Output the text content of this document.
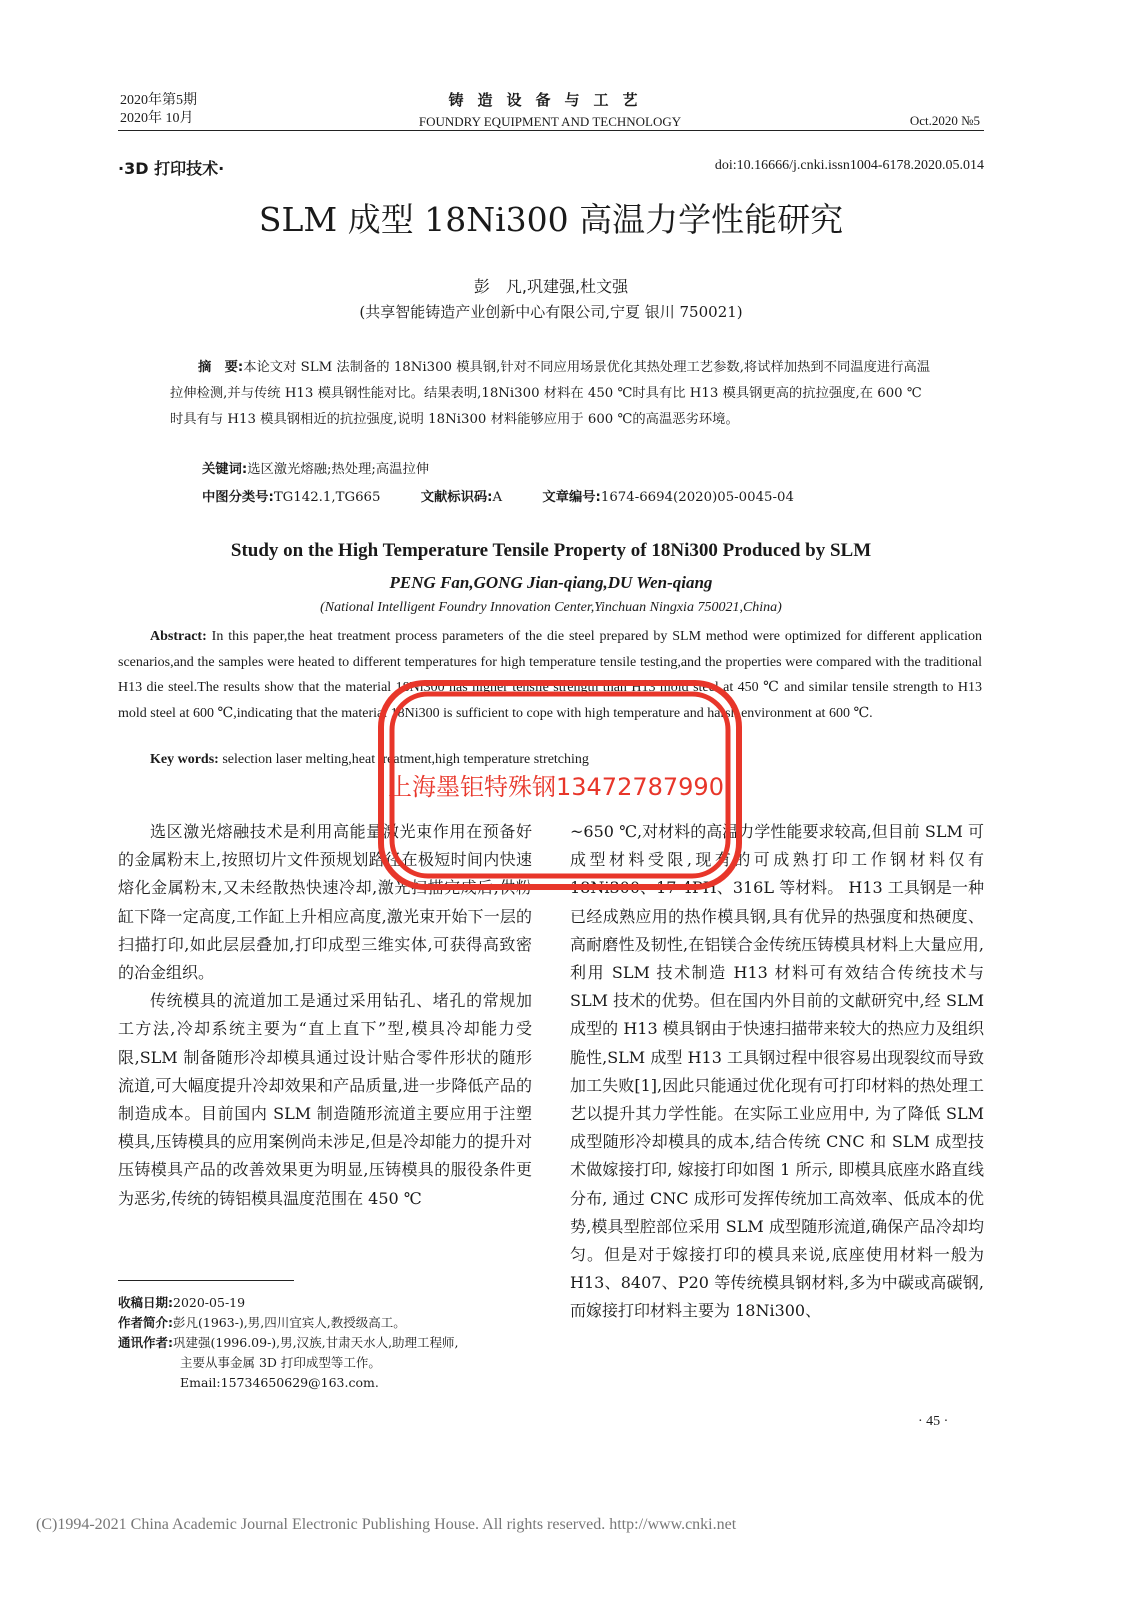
2020年第5期
2020年 10月
铸造设备与工艺
FOUNDRY EQUIPMENT AND TECHNOLOGY	Oct.2020 №5
·3D 打印技术·	doi:10.16666/j.cnki.issn1004-6178.2020.05.014
SLM 成型 18Ni300 高温力学性能研究
彭　凡,巩建强,杜文强
(共享智能铸造产业创新中心有限公司,宁夏 银川 750021)
摘　要:本论文对 SLM 法制备的 18Ni300 模具钢,针对不同应用场景优化其热处理工艺参数,将试样加热到不同温度进行高温拉伸检测,并与传统 H13 模具钢性能对比。结果表明,18Ni300 材料在 450 ℃时具有比 H13 模具钢更高的抗拉强度,在 600 ℃时具有与 H13 模具钢相近的抗拉强度,说明 18Ni300 材料能够应用于 600 ℃的高温恶劣环境。
关键词:选区激光熔融;热处理;高温拉伸
中图分类号:TG142.1,TG665	文献标识码:A	文章编号:1674-6694(2020)05-0045-04
Study on the High Temperature Tensile Property of 18Ni300 Produced by SLM
PENG Fan,GONG Jian-qiang,DU Wen-qiang
(National Intelligent Foundry Innovation Center,Yinchuan Ningxia 750021,China)
Abstract: In this paper,the heat treatment process parameters of the die steel prepared by SLM method were optimized for different application scenarios,and the samples were heated to different temperatures for high temperature tensile testing,and the properties were compared with the traditional H13 die steel.The results show that the material 18Ni300 has higher tensile strength than H13 mold steel at 450 ℃ and similar tensile strength to H13 mold steel at 600 ℃,indicating that the material 18Ni300 is sufficient to cope with high temperature and harsh environment at 600 ℃.
Key words: selection laser melting,heat treatment,high temperature stretching

选区激光熔融技术是利用高能量激光束作用在预备好的金属粉末上,按照切片文件预规划路径在极短时间内快速熔化金属粉末,又未经散热快速冷却,激光扫描完成后,供粉缸下降一定高度,工作缸上升相应高度,激光束开始下一层的扫描打印,如此层层叠加,打印成型三维实体,可获得高致密的冶金组织。

传统模具的流道加工是通过采用钻孔、堵孔的常规加工方法,冷却系统主要为“直上直下”型,模具冷却能力受限,SLM 制备随形冷却模具通过设计贴合零件形状的随形流道,可大幅度提升冷却效果和产品质量,进一步降低产品的制造成本。目前国内 SLM 制造随形流道主要应用于注塑模具,压铸模具的应用案例尚未涉足,但是冷却能力的提升对压铸模具产品的改善效果更为明显,压铸模具的服役条件更为恶劣,传统的铸铝模具温度范围在 450 ℃

~650 ℃,对材料的高温力学性能要求较高,但目前 SLM 可成型材料受限,现有的可成熟打印工作钢材料仅有 18Ni300、17-4PH、316L 等材料。 H13 工具钢是一种已经成熟应用的热作模具钢,具有优异的热强度和热硬度、高耐磨性及韧性,在铝镁合金传统压铸模具材料上大量应用, 利用 SLM 技术制造 H13 材料可有效结合传统技术与 SLM 技术的优势。但在国内外目前的文献研究中,经 SLM 成型的 H13 模具钢由于快速扫描带来较大的热应力及组织脆性,SLM 成型 H13 工具钢过程中很容易出现裂纹而导致加工失败[1],因此只能通过优化现有可打印材料的热处理工艺以提升其力学性能。在实际工业应用中, 为了降低 SLM 成型随形冷却模具的成本,结合传统 CNC 和 SLM 成型技术做嫁接打印, 嫁接打印如图 1 所示, 即模具底座水路直线分布, 通过 CNC 成形可发挥传统加工高效率、低成本的优势,模具型腔部位采用 SLM 成型随形流道,确保产品冷却均匀。但是对于嫁接打印的模具来说,底座使用材料一般为 H13、8407、P20 等传统模具钢材料,多为中碳或高碳钢,而嫁接打印材料主要为 18Ni300、

收稿日期:2020-05-19
作者简介:彭凡(1963-),男,四川宜宾人,教授级高工。
通讯作者:巩建强(1996.09-),男,汉族,甘肃天水人,助理工程师,
主要从事金属 3D 打印成型等工作。
Email:15734650629@163.com.
· 45 ·
(C)1994-2021 China Academic Journal Electronic Publishing House. All rights reserved. http://www.cnki.net
上海墨钜特殊钢13472787990
